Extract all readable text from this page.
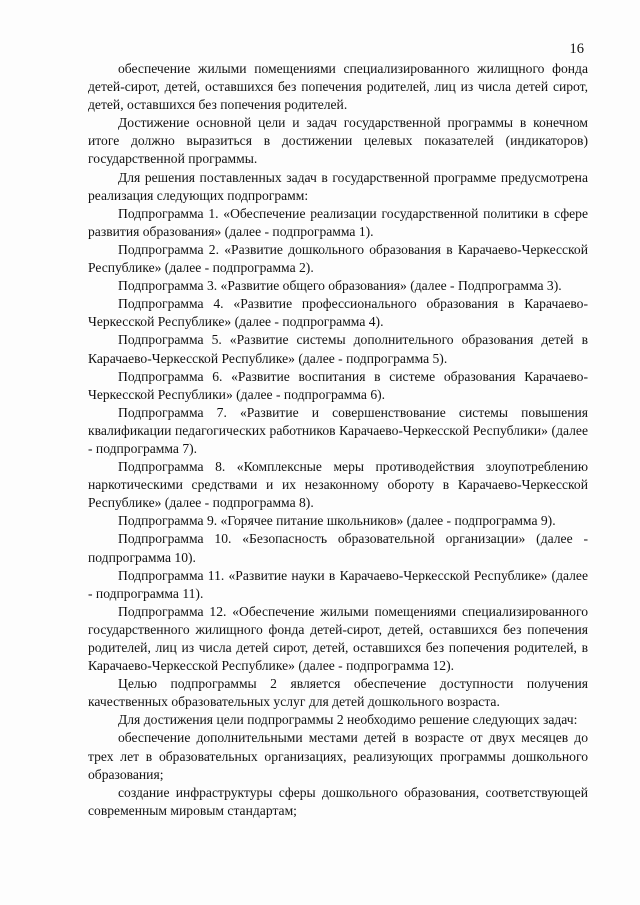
16

обеспечение жилыми помещениями специализированного жилищного фонда детей-сирот, детей, оставшихся без попечения родителей, лиц из числа детей сирот, детей, оставшихся без попечения родителей.

Достижение основной цели и задач государственной программы в конечном итоге должно выразиться в достижении целевых показателей (индикаторов) государственной программы.

Для решения поставленных задач в государственной программе предусмотрена реализация следующих подпрограмм:

Подпрограмма 1. «Обеспечение реализации государственной политики в сфере развития образования» (далее - подпрограмма 1).

Подпрограмма 2. «Развитие дошкольного образования в Карачаево-Черкесской Республике» (далее - подпрограмма 2).

Подпрограмма 3. «Развитие общего образования» (далее - Подпрограмма 3).

Подпрограмма 4. «Развитие профессионального образования в Карачаево-Черкесской Республике» (далее - подпрограмма 4).

Подпрограмма 5. «Развитие системы дополнительного образования детей в Карачаево-Черкесской Республике» (далее - подпрограмма 5).

Подпрограмма 6. «Развитие воспитания в системе образования Карачаево-Черкесской Республики» (далее - подпрограмма 6).

Подпрограмма 7. «Развитие и совершенствование системы повышения квалификации педагогических работников Карачаево-Черкесской Республики» (далее - подпрограмма 7).

Подпрограмма 8. «Комплексные меры противодействия злоупотреблению наркотическими средствами и их незаконному обороту в Карачаево-Черкесской Республике» (далее - подпрограмма 8).

Подпрограмма 9. «Горячее питание школьников» (далее - подпрограмма 9).

Подпрограмма 10. «Безопасность образовательной организации» (далее - подпрограмма 10).

Подпрограмма 11. «Развитие науки в Карачаево-Черкесской Республике» (далее - подпрограмма 11).

Подпрограмма 12. «Обеспечение жилыми помещениями специализированного государственного жилищного фонда детей-сирот, детей, оставшихся без попечения родителей, лиц из числа детей сирот, детей, оставшихся без попечения родителей, в Карачаево-Черкесской Республике» (далее - подпрограмма 12).

Целью подпрограммы 2 является обеспечение доступности получения качественных образовательных услуг для детей дошкольного возраста.

Для достижения цели подпрограммы 2 необходимо решение следующих задач:

обеспечение дополнительными местами детей в возрасте от двух месяцев до трех лет в образовательных организациях, реализующих программы дошкольного образования;

создание инфраструктуры сферы дошкольного образования, соответствующей современным мировым стандартам;
